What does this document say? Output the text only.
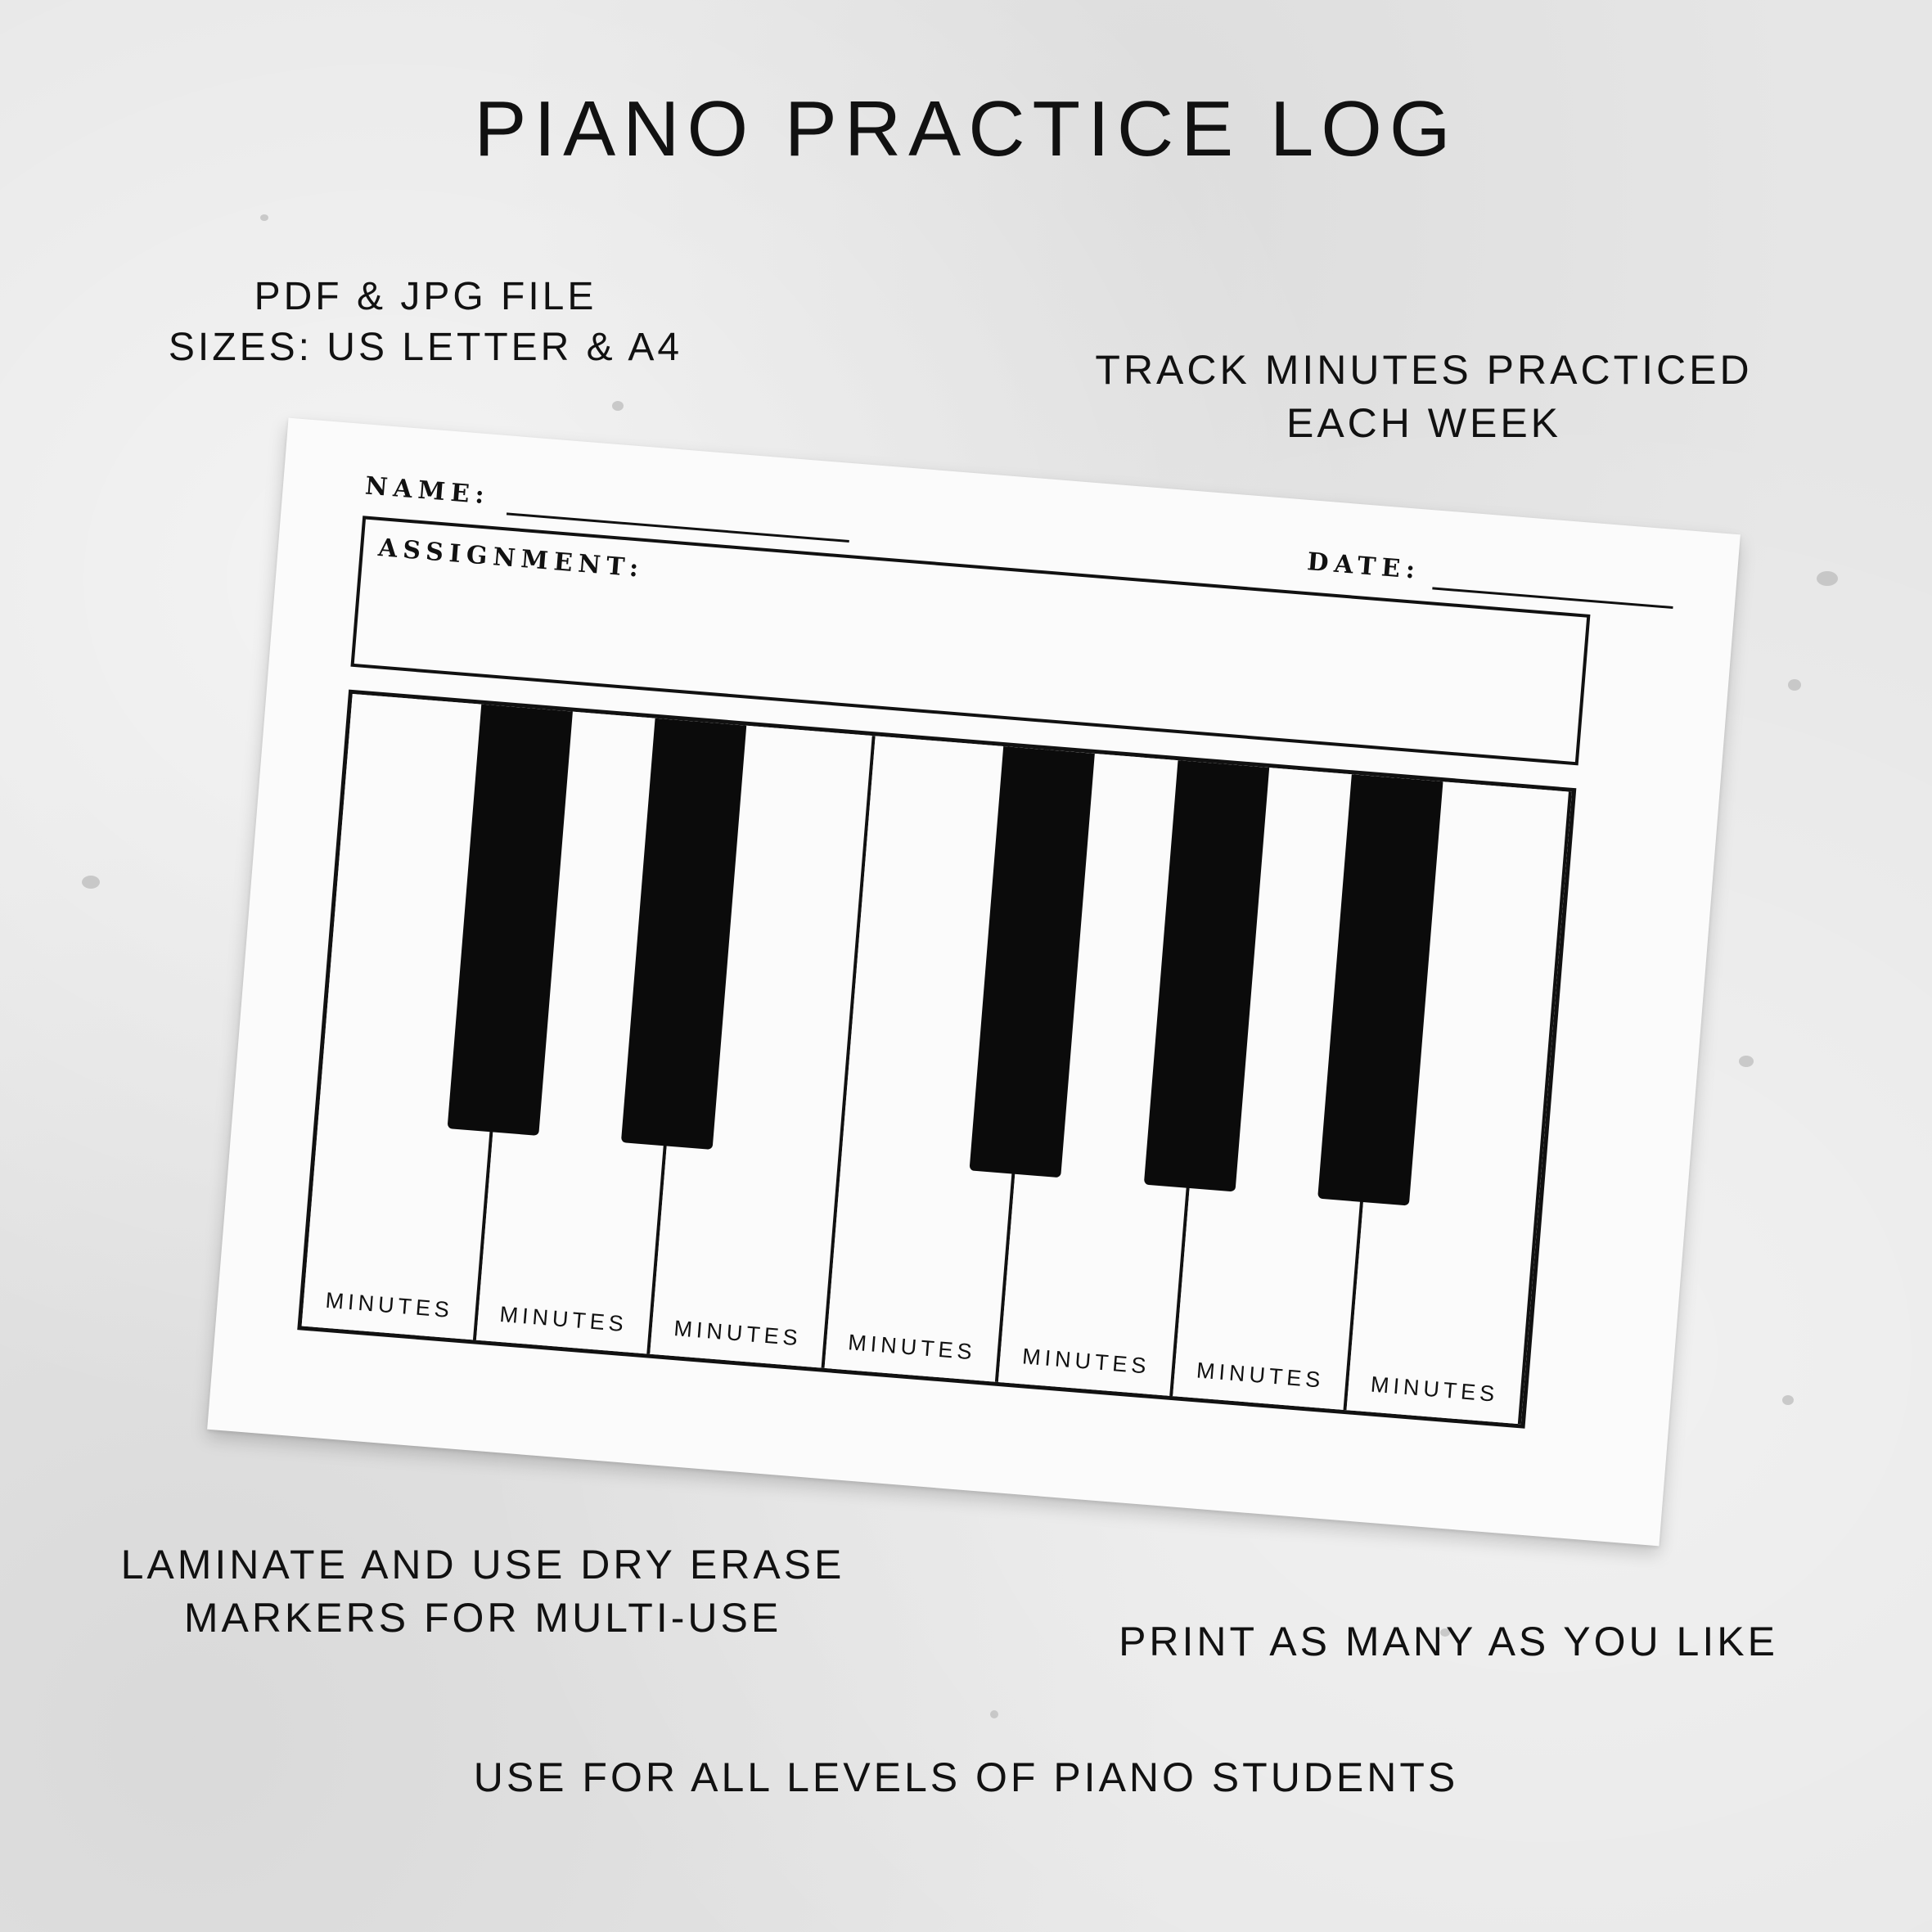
PIANO PRACTICE LOG
PDF & JPG FILE
SIZES: US LETTER & A4	TRACK MINUTES PRACTICED
EACH WEEK
NAME:
DATE:
ASSIGNMENT:
MINUTES	MINUTES	MINUTES	MINUTES	MINUTES	MINUTES	MINUTES
LAMINATE AND USE DRY ERASE
MARKERS FOR MULTI-USE
PRINT AS MANY AS YOU LIKE
USE FOR ALL LEVELS OF PIANO STUDENTS
